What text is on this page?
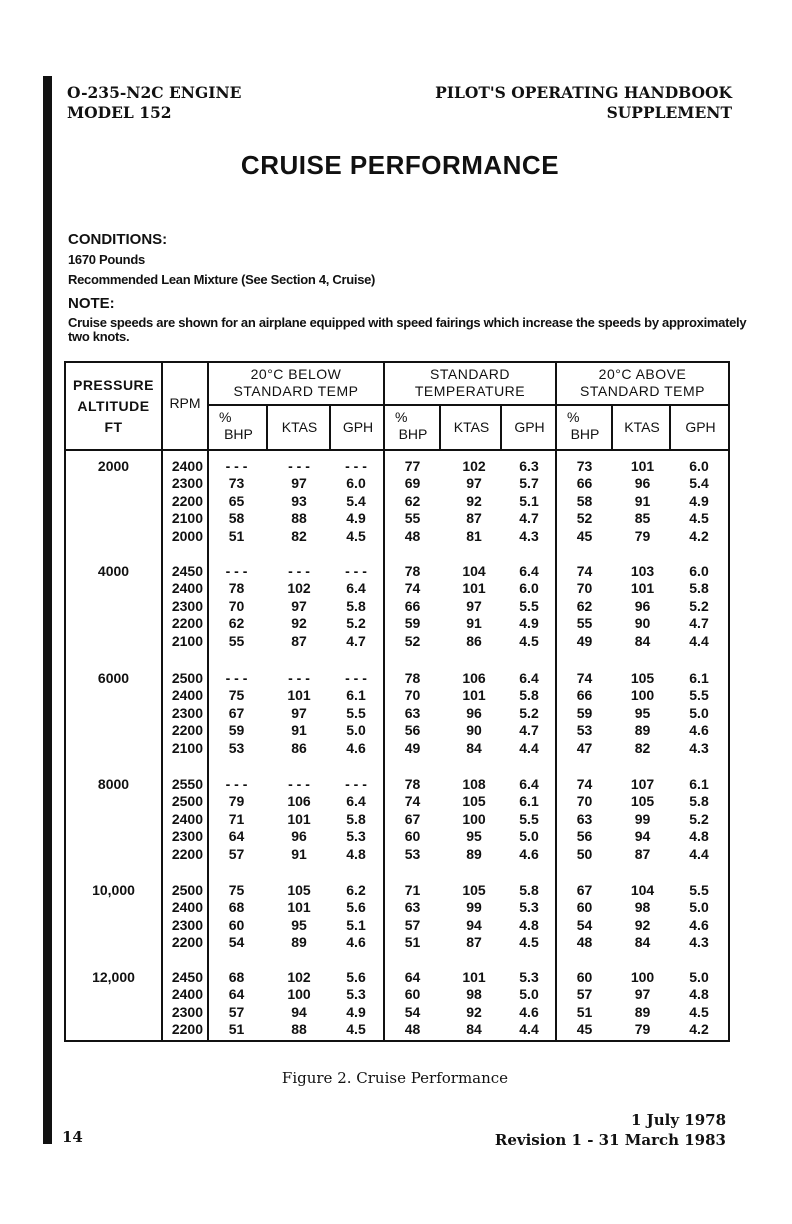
O-235-N2C ENGINE
MODEL 152
PILOT'S OPERATING HANDBOOK
SUPPLEMENT
CRUISE PERFORMANCE
CONDITIONS:
1670 Pounds
Recommended Lean Mixture (See Section 4, Cruise)
NOTE:
Cruise speeds are shown for an airplane equipped with speed fairings which increase the speeds by approximately two knots.
PRESSURE
ALTITUDE
FT
RPM
20°C BELOW
STANDARD TEMP
STANDARD
TEMPERATURE
20°C ABOVE
STANDARD TEMP
%
BHP	KTAS	GPH
%
BHP	KTAS	GPH
%
BHP	KTAS	GPH
2000	2400	- - -	- - -	- - -	77	102	6.3	73	101	6.0
2300	73	97	6.0	69	97	5.7	66	96	5.4
2200	65	93	5.4	62	92	5.1	58	91	4.9
2100	58	88	4.9	55	87	4.7	52	85	4.5
2000	51	82	4.5	48	81	4.3	45	79	4.2
4000	2450	- - -	- - -	- - -	78	104	6.4	74	103	6.0
2400	78	102	6.4	74	101	6.0	70	101	5.8
2300	70	97	5.8	66	97	5.5	62	96	5.2
2200	62	92	5.2	59	91	4.9	55	90	4.7
2100	55	87	4.7	52	86	4.5	49	84	4.4
6000	2500	- - -	- - -	- - -	78	106	6.4	74	105	6.1
2400	75	101	6.1	70	101	5.8	66	100	5.5
2300	67	97	5.5	63	96	5.2	59	95	5.0
2200	59	91	5.0	56	90	4.7	53	89	4.6
2100	53	86	4.6	49	84	4.4	47	82	4.3
8000	2550	- - -	- - -	- - -	78	108	6.4	74	107	6.1
2500	79	106	6.4	74	105	6.1	70	105	5.8
2400	71	101	5.8	67	100	5.5	63	99	5.2
2300	64	96	5.3	60	95	5.0	56	94	4.8
2200	57	91	4.8	53	89	4.6	50	87	4.4
10,000	2500	75	105	6.2	71	105	5.8	67	104	5.5
2400	68	101	5.6	63	99	5.3	60	98	5.0
2300	60	95	5.1	57	94	4.8	54	92	4.6
2200	54	89	4.6	51	87	4.5	48	84	4.3
12,000	2450	68	102	5.6	64	101	5.3	60	100	5.0
2400	64	100	5.3	60	98	5.0	57	97	4.8
2300	57	94	4.9	54	92	4.6	51	89	4.5
2200	51	88	4.5	48	84	4.4	45	79	4.2
Figure 2. Cruise Performance
1 July 1978
Revision 1 - 31 March 1983
14
